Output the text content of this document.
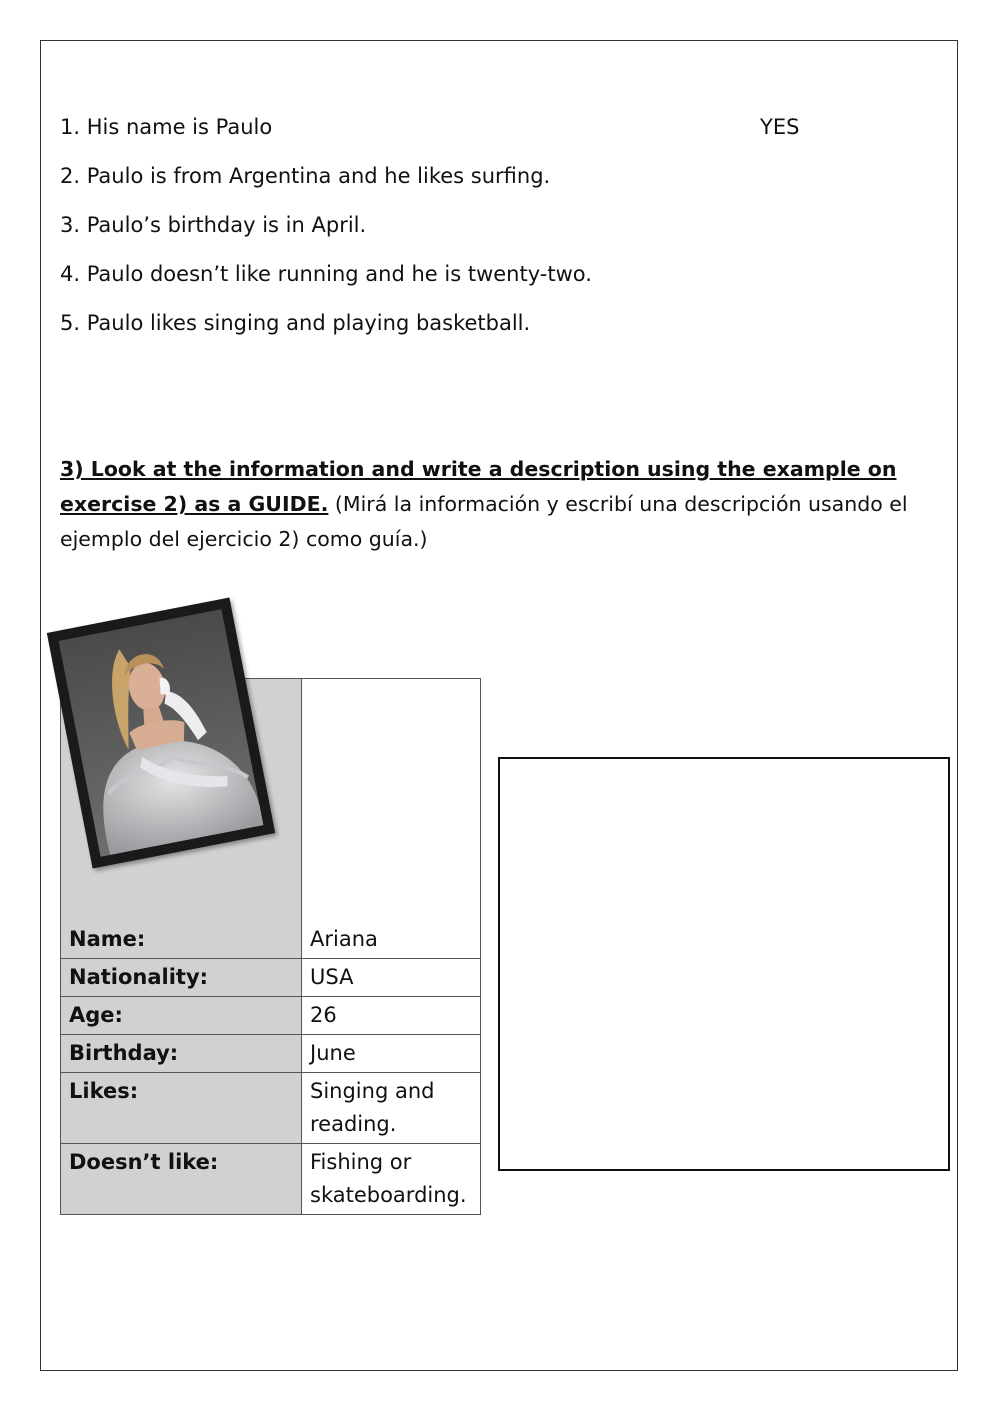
1. His name is Paulo	YES
2. Paulo is from Argentina and he likes surfing.
3. Paulo’s birthday is in April.
4. Paulo doesn’t like running and he is twenty-two.
5. Paulo likes singing and playing basketball.
3) Look at the information and write a description using the example on exercise 2) as a GUIDE. (Mirá la información y escribí una descripción usando el ejemplo del ejercicio 2) como guía.)

Name:	Ariana
Nationality:	USA
Age:	26
Birthday:	June
Likes:	Singing and reading.
Doesn’t like:	Fishing or skateboarding.
